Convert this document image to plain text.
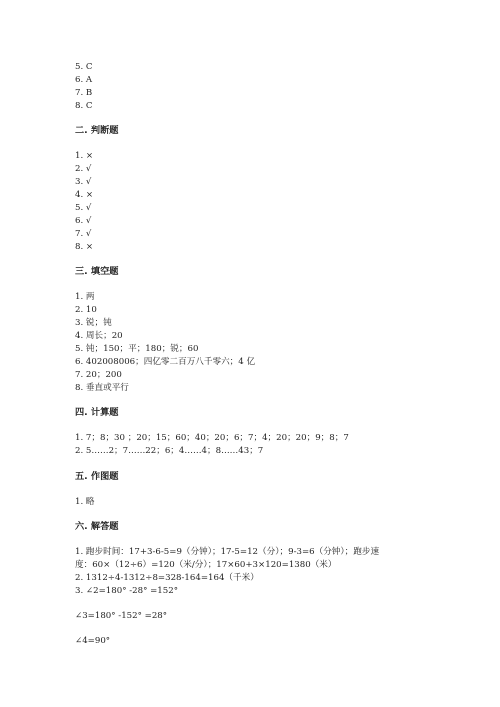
5. C
6. A
7. B
8. C
二. 判断题
1. ×
2. √
3. √
4. ×
5. √
6. √
7. √
8. ×
三. 填空题
1. 两
2. 10
3. 锐；钝
4. 周长；20
5. 钝；150；平；180；锐；60
6. 402008006；四亿零二百万八千零六；4 亿
7. 20；200
8. 垂直或平行
四. 计算题
1. 7；8；30 ；20；15；60；40；20；6；7；4；20；20；9；8；7
2. 5……2；7……22；6；4……4；8……43；7
五. 作图题
1. 略
六. 解答题
1. 跑步时间：17+3-6-5=9（分钟）；17-5=12（分）；9-3=6（分钟）；跑步速
度：60×（12÷6）=120（米/分）；17×60+3×120=1380（米）
2. 1312÷4-1312÷8=328-164=164（千米）
3. ∠2=180° -28° =152°
∠3=180° -152° =28°
∠4=90°
